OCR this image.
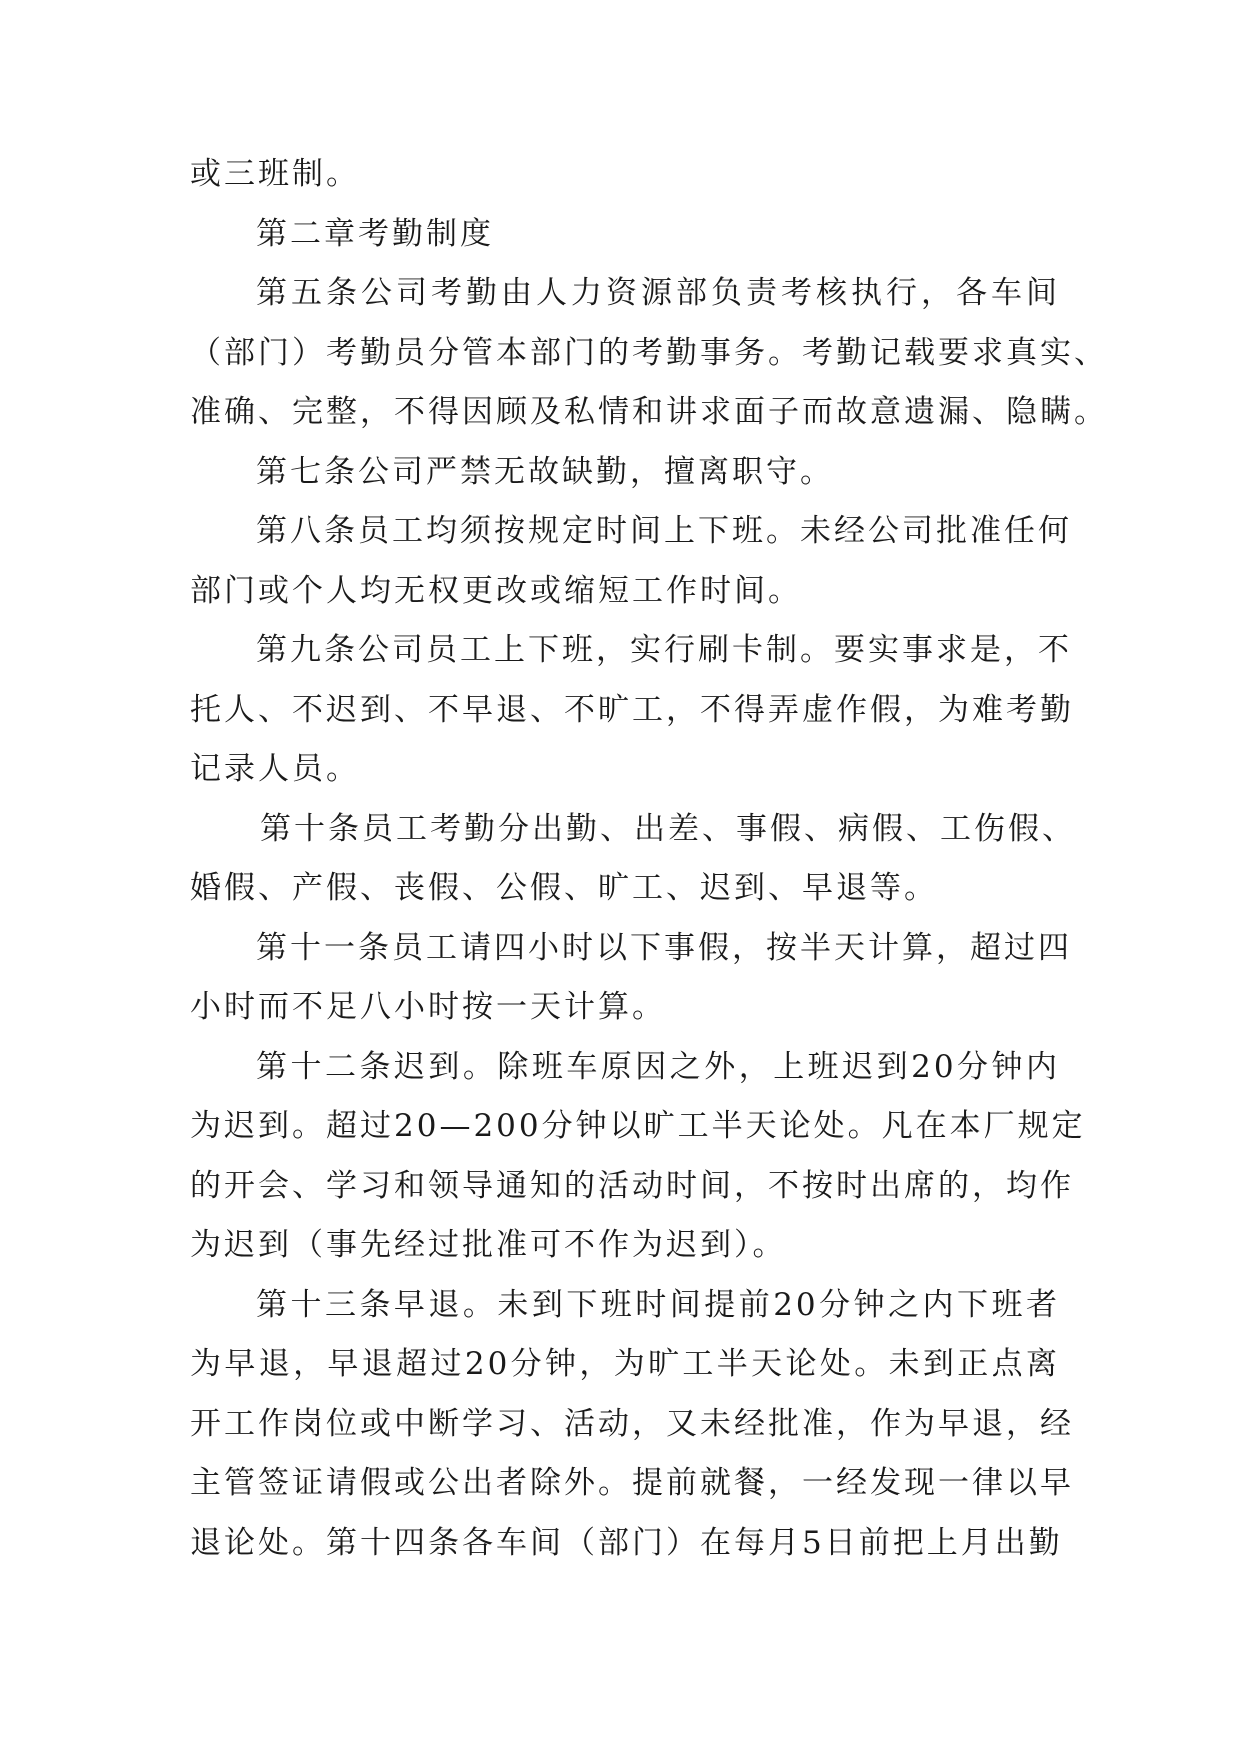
或三班制。
第二章考勤制度
第五条公司考勤由人力资源部负责考核执行，各车间
（部门）考勤员分管本部门的考勤事务。考勤记载要求真实、
准确、完整，不得因顾及私情和讲求面子而故意遗漏、隐瞒。
第七条公司严禁无故缺勤，擅离职守。
第八条员工均须按规定时间上下班。未经公司批准任何
部门或个人均无权更改或缩短工作时间。
第九条公司员工上下班，实行刷卡制。要实事求是，不
托人、不迟到、不早退、不旷工，不得弄虚作假，为难考勤
记录人员。
第十条员工考勤分出勤、出差、事假、病假、工伤假、
婚假、产假、丧假、公假、旷工、迟到、早退等。
第十一条员工请四小时以下事假，按半天计算，超过四
小时而不足八小时按一天计算。
第十二条迟到。除班车原因之外，上班迟到20分钟内
为迟到。超过20—200分钟以旷工半天论处。凡在本厂规定
的开会、学习和领导通知的活动时间，不按时出席的，均作
为迟到（事先经过批准可不作为迟到）。
第十三条早退。未到下班时间提前20分钟之内下班者
为早退，早退超过20分钟，为旷工半天论处。未到正点离
开工作岗位或中断学习、活动，又未经批准，作为早退，经
主管签证请假或公出者除外。提前就餐，一经发现一律以早
退论处。第十四条各车间（部门）在每月5日前把上月出勤
